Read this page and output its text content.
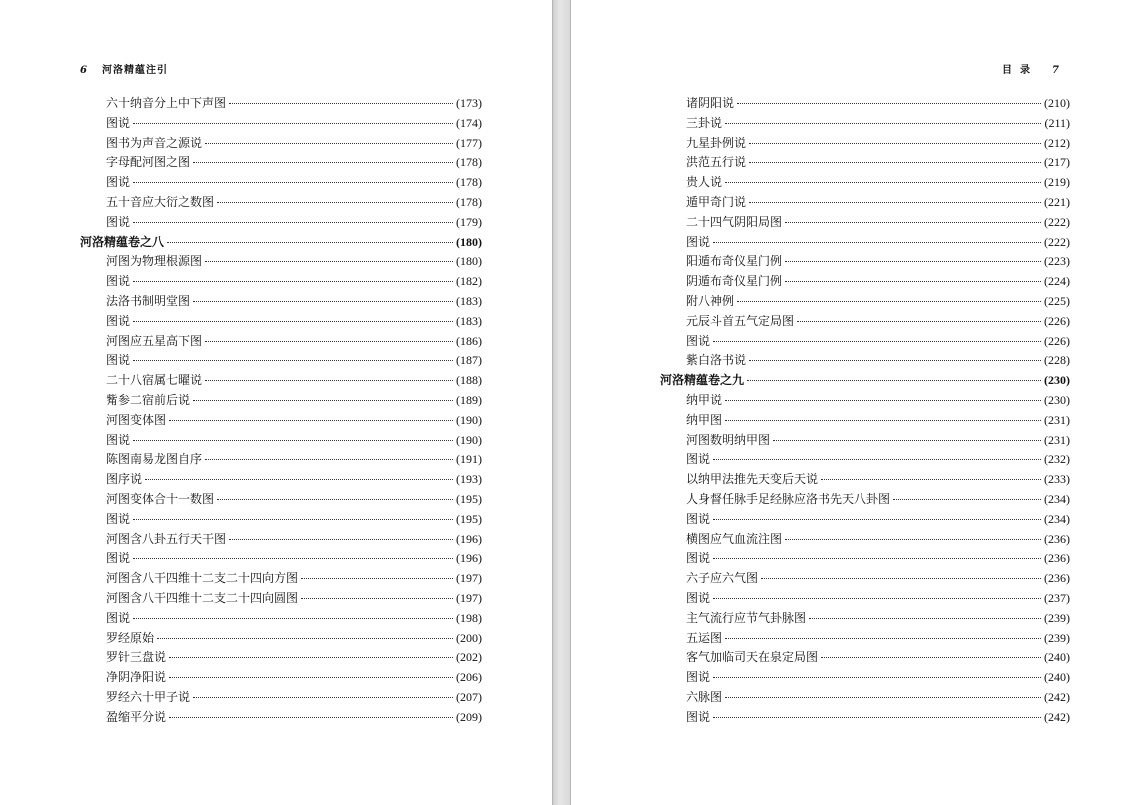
6 河洛精蕴注引
六十纳音分上中下声图	(173)
图说	(174)
图书为声音之源说	(177)
字母配河图之图	(178)
图说	(178)
五十音应大衍之数图	(178)
图说	(179)
河洛精蕴卷之八	(180)
河图为物理根源图	(180)
图说	(182)
法洛书制明堂图	(183)
图说	(183)
河图应五星高下图	(186)
图说	(187)
二十八宿属七曜说	(188)
觜参二宿前后说	(189)
河图变体图	(190)
图说	(190)
陈图南易龙图自序	(191)
图序说	(193)
河图变体合十一数图	(195)
图说	(195)
河图含八卦五行天干图	(196)
图说	(196)
河图含八干四维十二支二十四向方图	(197)
河图含八干四维十二支二十四向圆图	(197)
图说	(198)
罗经原始	(200)
罗针三盘说	(202)
净阴净阳说	(206)
罗经六十甲子说	(207)
盈缩平分说	(209)
目录 7
诸阴阳说	(210)
三卦说	(211)
九星卦例说	(212)
洪范五行说	(217)
贵人说	(219)
遁甲奇门说	(221)
二十四气阴阳局图	(222)
图说	(222)
阳遁布奇仪星门例	(223)
阴遁布奇仪星门例	(224)
附八神例	(225)
元辰斗首五气定局图	(226)
图说	(226)
紫白洛书说	(228)
河洛精蕴卷之九	(230)
纳甲说	(230)
纳甲图	(231)
河图数明纳甲图	(231)
图说	(232)
以纳甲法推先天变后天说	(233)
人身督任脉手足经脉应洛书先天八卦图	(234)
图说	(234)
横图应气血流注图	(236)
图说	(236)
六子应六气图	(236)
图说	(237)
主气流行应节气卦脉图	(239)
五运图	(239)
客气加临司天在泉定局图	(240)
图说	(240)
六脉图	(242)
图说	(242)
